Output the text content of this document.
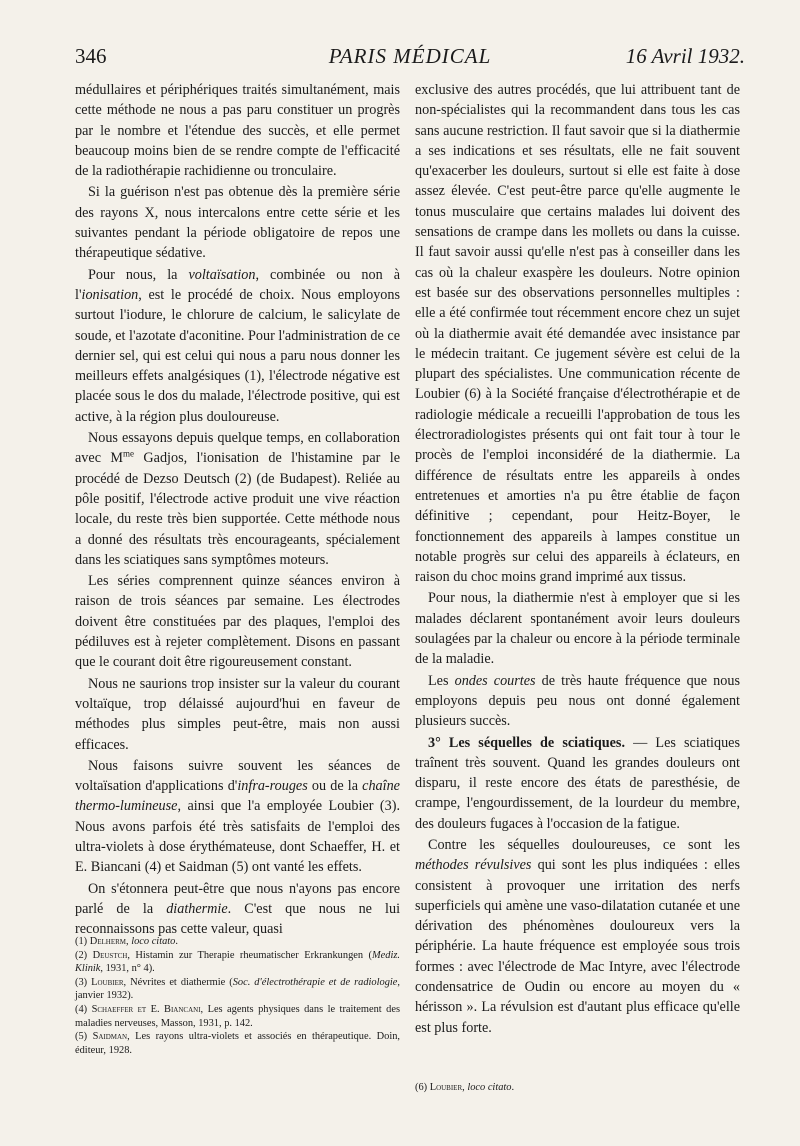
346	PARIS MÉDICAL	16 Avril 1932.

médullaires et périphériques traités simultanément, mais cette méthode ne nous a pas paru constituer un progrès par le nombre et l'étendue des succès, et elle permet beaucoup moins bien de se rendre compte de l'efficacité de la radiothérapie rachidienne ou tronculaire.

Si la guérison n'est pas obtenue dès la première série des rayons X, nous intercalons entre cette série et les suivantes pendant la période obligatoire de repos une thérapeutique sédative.

Pour nous, la voltaïsation, combinée ou non à l'ionisation, est le procédé de choix. Nous employons surtout l'iodure, le chlorure de calcium, le salicylate de soude, et l'azotate d'aconitine. Pour l'administration de ce dernier sel, qui est celui qui nous a paru nous donner les meilleurs effets analgésiques (1), l'électrode négative est placée sous le dos du malade, l'électrode positive, qui est active, à la région plus douloureuse.

Nous essayons depuis quelque temps, en collaboration avec $M^{me}$ Gadjos, l'ionisation de l'histamine par le procédé de Dezso Deutsch (2) (de Budapest). Reliée au pôle positif, l'électrode active produit une vive réaction locale, du reste très bien supportée. Cette méthode nous a donné des résultats très encourageants, spécialement dans les sciatiques sans symptômes moteurs.

Les séries comprennent quinze séances environ à raison de trois séances par semaine. Les électrodes doivent être constituées par des plaques, l'emploi des pédiluves est à rejeter complètement. Disons en passant que le courant doit être rigoureusement constant.

Nous ne saurions trop insister sur la valeur du courant voltaïque, trop délaissé aujourd'hui en faveur de méthodes plus simples peut-être, mais non aussi efficaces.

Nous faisons suivre souvent les séances de voltaïsation d'applications d'infra-rouges ou de la chaîne thermo-lumineuse, ainsi que l'a employée Loubier (3). Nous avons parfois été très satisfaits de l'emploi des ultra-violets à dose érythémateuse, dont Schaeffer, H. et E. Biancani (4) et Saidman (5) ont vanté les effets.

On s'étonnera peut-être que nous n'ayons pas encore parlé de la diathermie. C'est que nous ne lui reconnaissons pas cette valeur, quasi

exclusive des autres procédés, que lui attribuent tant de non-spécialistes qui la recommandent dans tous les cas sans aucune restriction. Il faut savoir que si la diathermie a ses indications et ses résultats, elle ne fait souvent qu'exacerber les douleurs, surtout si elle est faite à dose assez élevée. C'est peut-être parce qu'elle augmente le tonus musculaire que certains malades lui doivent des sensations de crampe dans les mollets ou dans la cuisse. Il faut savoir aussi qu'elle n'est pas à conseiller dans les cas où la chaleur exaspère les douleurs. Notre opinion est basée sur des observations personnelles multiples : elle a été confirmée tout récemment encore chez un sujet où la diathermie avait été demandée avec insistance par le médecin traitant. Ce jugement sévère est celui de la plupart des spécialistes. Une communication récente de Loubier (6) à la Société française d'électrothérapie et de radiologie médicale a recueilli l'approbation de tous les électroradiologistes présents qui ont fait tour à tour le procès de l'emploi inconsidéré de la diathermie. La différence de résultats entre les appareils à ondes entretenues et amorties n'a pu être établie de façon définitive ; cependant, pour Heitz-Boyer, le fonctionnement des appareils à lampes constitue un notable progrès sur celui des appareils à éclateurs, en raison du choc moins grand imprimé aux tissus.

Pour nous, la diathermie n'est à employer que si les malades déclarent spontanément avoir leurs douleurs soulagées par la chaleur ou encore à la période terminale de la maladie.

Les ondes courtes de très haute fréquence que nous employons depuis peu nous ont donné également plusieurs succès.

3° Les séquelles de sciatiques. — Les sciatiques traînent très souvent. Quand les grandes douleurs ont disparu, il reste encore des états de paresthésie, de crampe, l'engourdissement, de la lourdeur du membre, des douleurs fugaces à l'occasion de la fatigue.

Contre les séquelles douloureuses, ce sont les méthodes révulsives qui sont les plus indiquées : elles consistent à provoquer une irritation des nerfs superficiels qui amène une vaso-dilatation cutanée et une dérivation des phénomènes douloureux vers la périphérie. La haute fréquence est employée sous trois formes : avec l'électrode de Mac Intyre, avec l'électrode condensatrice de Oudin ou encore au moyen du « hérisson ». La révulsion est d'autant plus efficace qu'elle est plus forte.

(1) Delherm, loco citato.

(2) Deustch, Histamin zur Therapie rheumatischer Erkrankungen (Mediz. Klinik, 1931, n° 4).

(3) Loubier, Névrites et diathermie (Soc. d'électrothérapie et de radiologie, janvier 1932).

(4) Schaeffer et E. Biancani, Les agents physiques dans le traitement des maladies nerveuses, Masson, 1931, p. 142.

(5) Saidman, Les rayons ultra-violets et associés en thérapeutique. Doin, éditeur, 1928.

(6) Loubier, loco citato.
